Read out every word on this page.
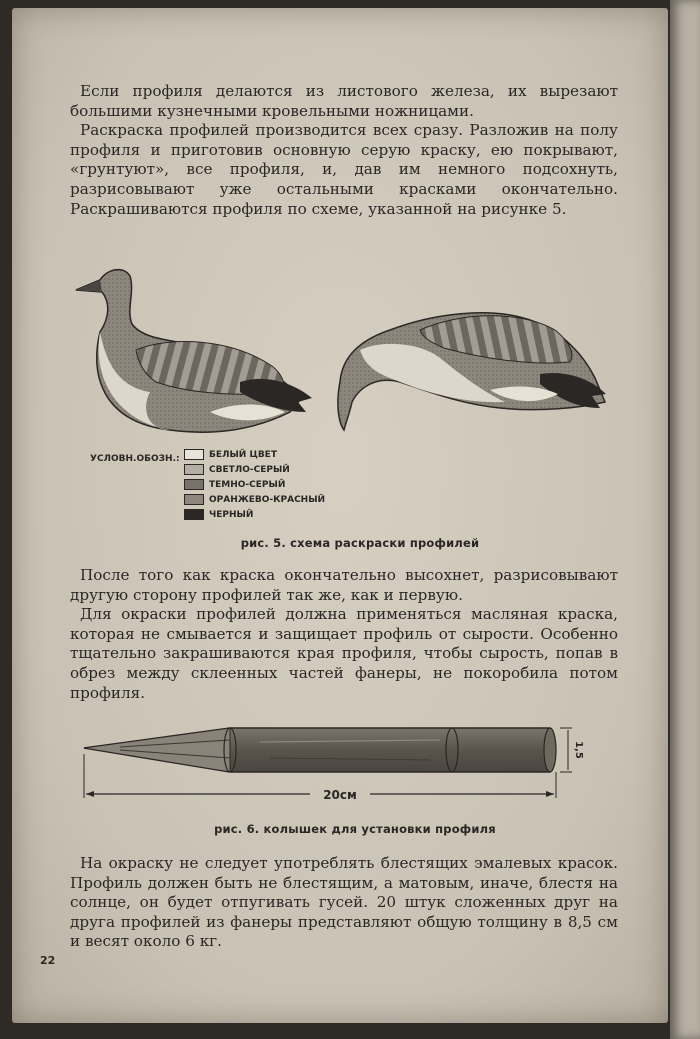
Если профиля делаются из листового железа, их вырезают большими кузнечными кровельными ножницами.

Раскраска профилей производится всех сразу. Разложив на полу профиля и приготовив основную серую краску, ею покрывают, «грунтуют», все профиля, и, дав им немного подсохнуть, разрисовывают уже остальными красками окончательно. Раскрашиваются профиля по схеме, указанной на рисунке 5.

УСЛОВН.ОБОЗН.:	БЕЛЫЙ ЦВЕТ
СВЕТЛО-СЕРЫЙ
ТЕМНО-СЕРЫЙ
ОРАНЖЕВО-КРАСНЫЙ
ЧЕРНЫЙ
рис. 5. схема раскраски профилей

После того как краска окончательно высохнет, разрисовывают другую сторону профилей так же, как и первую.

Для окраски профилей должна применяться масляная краска, которая не смывается и защищает профиль от сырости. Особенно тщательно закрашиваются края профиля, чтобы сырость, попав в обрез между склеенных частей фанеры, не покоробила потом профиля.

20см
1,5
рис. 6. колышек для установки профиля

На окраску не следует употреблять блестящих эмалевых красок. Профиль должен быть не блестящим, а матовым, иначе, блестя на солнце, он будет отпугивать гусей. 20 штук сложенных друг на друга профилей из фанеры представляют общую толщину в 8,5 см и весят около 6 кг.

22
